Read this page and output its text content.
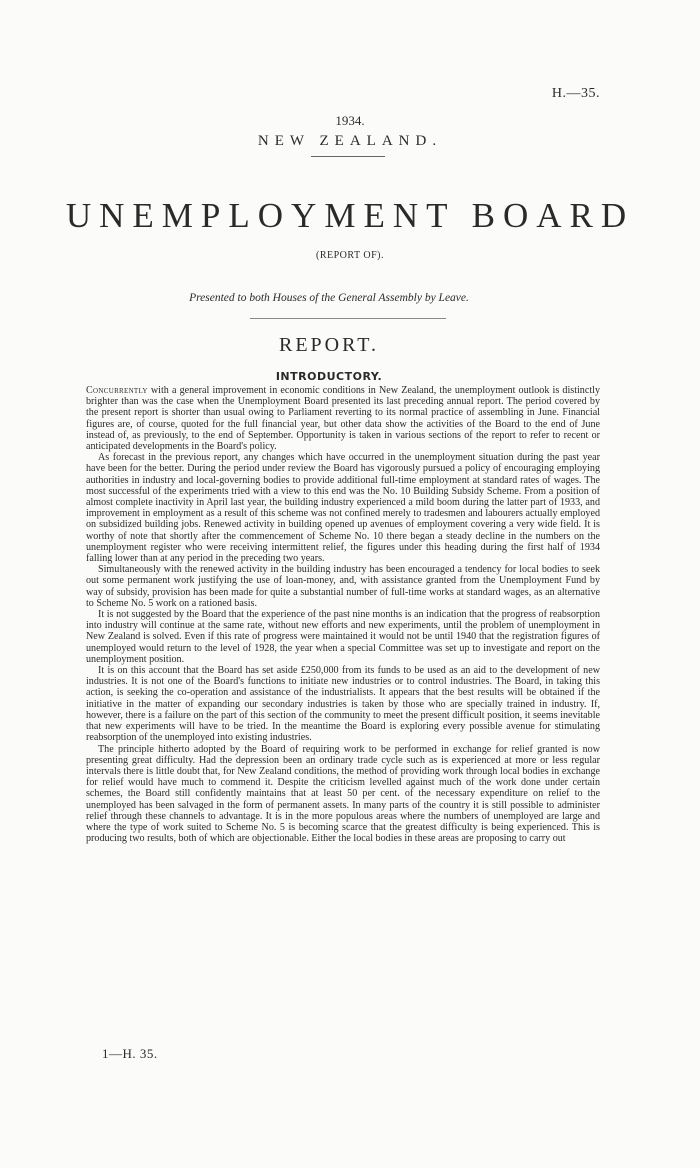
H.—35.
1934.
NEW ZEALAND.
UNEMPLOYMENT BOARD
(REPORT OF).
Presented to both Houses of the General Assembly by Leave.
REPORT.
INTRODUCTORY.

Concurrently with a general improvement in economic conditions in New Zealand, the unemployment outlook is distinctly brighter than was the case when the Unemployment Board presented its last preceding annual report. The period covered by the present report is shorter than usual owing to Parliament reverting to its normal practice of assembling in June. Financial figures are, of course, quoted for the full financial year, but other data show the activities of the Board to the end of June instead of, as previously, to the end of September. Opportunity is taken in various sections of the report to refer to recent or anticipated developments in the Board's policy.

As forecast in the previous report, any changes which have occurred in the unemployment situation during the past year have been for the better. During the period under review the Board has vigorously pursued a policy of encouraging employing authorities in industry and local-governing bodies to provide additional full-time employment at standard rates of wages. The most successful of the experiments tried with a view to this end was the No. 10 Building Subsidy Scheme. From a position of almost complete inactivity in April last year, the building industry experienced a mild boom during the latter part of 1933, and improvement in employment as a result of this scheme was not confined merely to tradesmen and labourers actually employed on subsidized building jobs. Renewed activity in building opened up avenues of employment covering a very wide field. It is worthy of note that shortly after the commencement of Scheme No. 10 there began a steady decline in the numbers on the unemployment register who were receiving intermittent relief, the figures under this heading during the first half of 1934 falling lower than at any period in the preceding two years.

Simultaneously with the renewed activity in the building industry has been encouraged a tendency for local bodies to seek out some permanent work justifying the use of loan-money, and, with assistance granted from the Unemployment Fund by way of subsidy, provision has been made for quite a substantial number of full-time works at standard wages, as an alternative to Scheme No. 5 work on a rationed basis.

It is not suggested by the Board that the experience of the past nine months is an indication that the progress of reabsorption into industry will continue at the same rate, without new efforts and new experiments, until the problem of unemployment in New Zealand is solved. Even if this rate of progress were maintained it would not be until 1940 that the registration figures of unemployed would return to the level of 1928, the year when a special Committee was set up to investigate and report on the unemployment position.

It is on this account that the Board has set aside £250,000 from its funds to be used as an aid to the development of new industries. It is not one of the Board's functions to initiate new industries or to control industries. The Board, in taking this action, is seeking the co-operation and assistance of the industrialists. It appears that the best results will be obtained if the initiative in the matter of expanding our secondary industries is taken by those who are specially trained in industry. If, however, there is a failure on the part of this section of the community to meet the present difficult position, it seems inevitable that new experiments will have to be tried. In the meantime the Board is exploring every possible avenue for stimulating reabsorption of the unemployed into existing industries.

The principle hitherto adopted by the Board of requiring work to be performed in exchange for relief granted is now presenting great difficulty. Had the depression been an ordinary trade cycle such as is experienced at more or less regular intervals there is little doubt that, for New Zealand conditions, the method of providing work through local bodies in exchange for relief would have much to commend it. Despite the criticism levelled against much of the work done under certain schemes, the Board still confidently maintains that at least 50 per cent. of the necessary expenditure on relief to the unemployed has been salvaged in the form of permanent assets. In many parts of the country it is still possible to administer relief through these channels to advantage. It is in the more populous areas where the numbers of unemployed are large and where the type of work suited to Scheme No. 5 is becoming scarce that the greatest difficulty is being experienced. This is producing two results, both of which are objectionable. Either the local bodies in these areas are proposing to carry out

1—H. 35.
